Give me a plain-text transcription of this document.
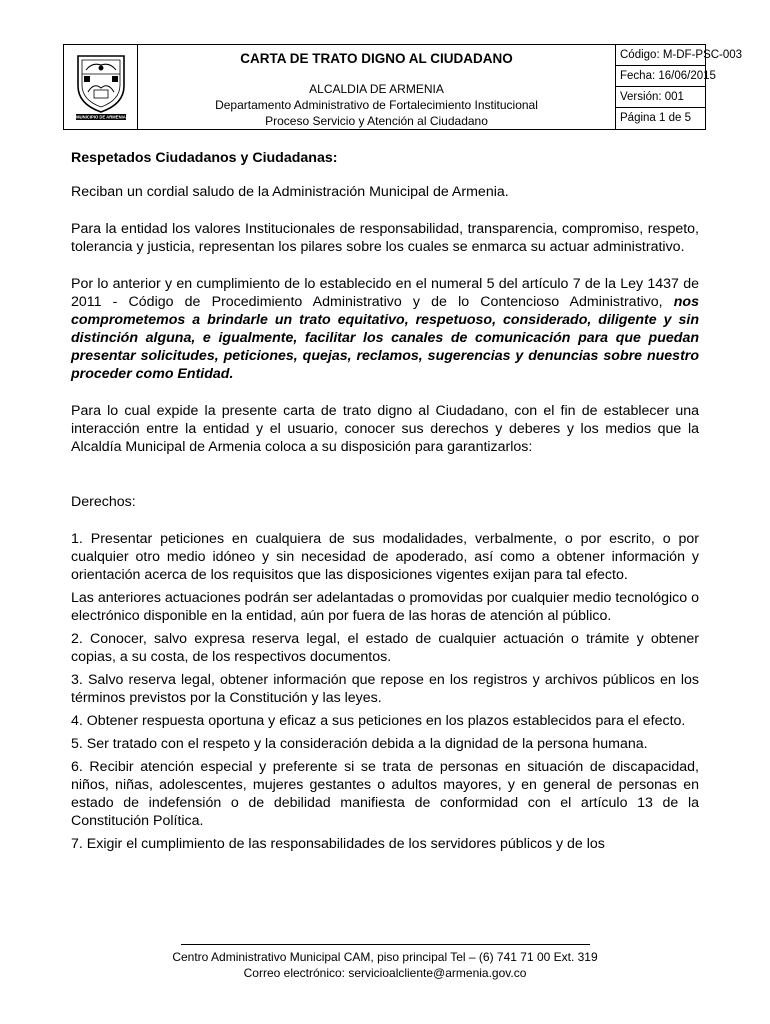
MUNICIPIO DE ARMENIA
CARTA DE TRATO DIGNO AL CIUDADANO
ALCALDIA DE ARMENIA
Departamento Administrativo de Fortalecimiento Institucional
Proceso Servicio y Atención al Ciudadano
Código: M-DF-PSC-003
Fecha: 16/06/2015
Versión: 001
Página 1 de 5

Respetados Ciudadanos y Ciudadanas:

Reciban un cordial saludo de la Administración Municipal de Armenia.

Para la entidad los valores Institucionales de responsabilidad, transparencia, compromiso, respeto, tolerancia y justicia, representan los pilares sobre los cuales se enmarca su actuar administrativo.

Por lo anterior y en cumplimiento de lo establecido en el numeral 5 del artículo 7 de la Ley 1437 de 2011 - Código de Procedimiento Administrativo y de lo Contencioso Administrativo, nos comprometemos a brindarle un trato equitativo, respetuoso, considerado, diligente y sin distinción alguna, e igualmente, facilitar los canales de comunicación para que puedan presentar solicitudes, peticiones, quejas, reclamos, sugerencias y denuncias sobre nuestro proceder como Entidad.

Para lo cual expide la presente carta de trato digno al Ciudadano, con el fin de establecer una interacción entre la entidad y el usuario, conocer sus derechos y deberes y los medios que la Alcaldía Municipal de Armenia coloca a su disposición para garantizarlos:

Derechos:

1. Presentar peticiones en cualquiera de sus modalidades, verbalmente, o por escrito, o por cualquier otro medio idóneo y sin necesidad de apoderado, así como a obtener información y orientación acerca de los requisitos que las disposiciones vigentes exijan para tal efecto.

Las anteriores actuaciones podrán ser adelantadas o promovidas por cualquier medio tecnológico o electrónico disponible en la entidad, aún por fuera de las horas de atención al público.

2. Conocer, salvo expresa reserva legal, el estado de cualquier actuación o trámite y obtener copias, a su costa, de los respectivos documentos.

3. Salvo reserva legal, obtener información que repose en los registros y archivos públicos en los términos previstos por la Constitución y las leyes.

4. Obtener respuesta oportuna y eficaz a sus peticiones en los plazos establecidos para el efecto.

5. Ser tratado con el respeto y la consideración debida a la dignidad de la persona humana.

6. Recibir atención especial y preferente si se trata de personas en situación de discapacidad, niños, niñas, adolescentes, mujeres gestantes o adultos mayores, y en general de personas en estado de indefensión o de debilidad manifiesta de conformidad con el artículo 13 de la Constitución Política.

7. Exigir el cumplimiento de las responsabilidades de los servidores públicos y de los

Centro Administrativo Municipal CAM, piso principal Tel – (6) 741 71 00 Ext. 319
Correo electrónico: servicioalcliente@armenia.gov.co
